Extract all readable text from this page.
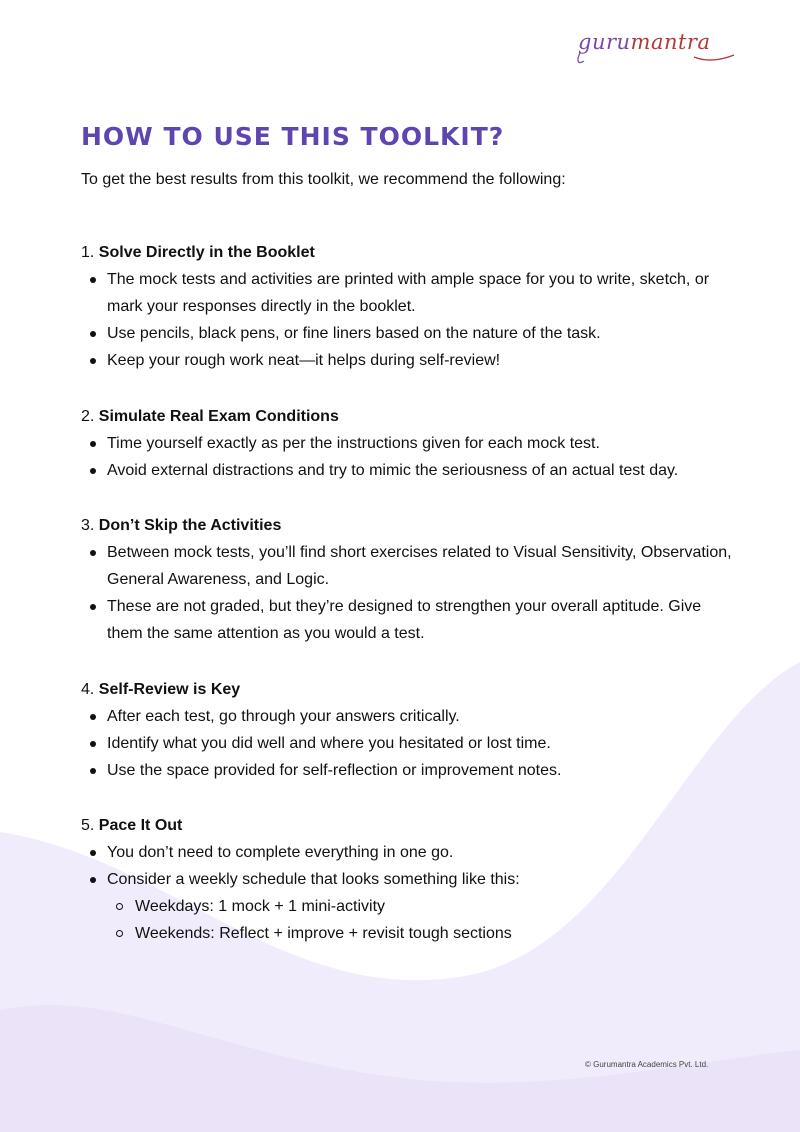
gurumantra
HOW TO USE THIS TOOLKIT?

To get the best results from this toolkit, we recommend the following:

1. Solve Directly in the Booklet
The mock tests and activities are printed with ample space for you to write, sketch, or mark your responses directly in the booklet.
Use pencils, black pens, or fine liners based on the nature of the task.
Keep your rough work neat—it helps during self-review!
2. Simulate Real Exam Conditions
Time yourself exactly as per the instructions given for each mock test.
Avoid external distractions and try to mimic the seriousness of an actual test day.
3. Don’t Skip the Activities
Between mock tests, you’ll find short exercises related to Visual Sensitivity, Observation, General Awareness, and Logic.
These are not graded, but they’re designed to strengthen your overall aptitude. Give them the same attention as you would a test.
4. Self-Review is Key
After each test, go through your answers critically.
Identify what you did well and where you hesitated or lost time.
Use the space provided for self-reflection or improvement notes.
5. Pace It Out
You don’t need to complete everything in one go.
Consider a weekly schedule that looks something like this:
Weekdays: 1 mock + 1 mini-activity
Weekends: Reflect + improve + revisit tough sections
© Gurumantra Academics Pvt. Ltd.
